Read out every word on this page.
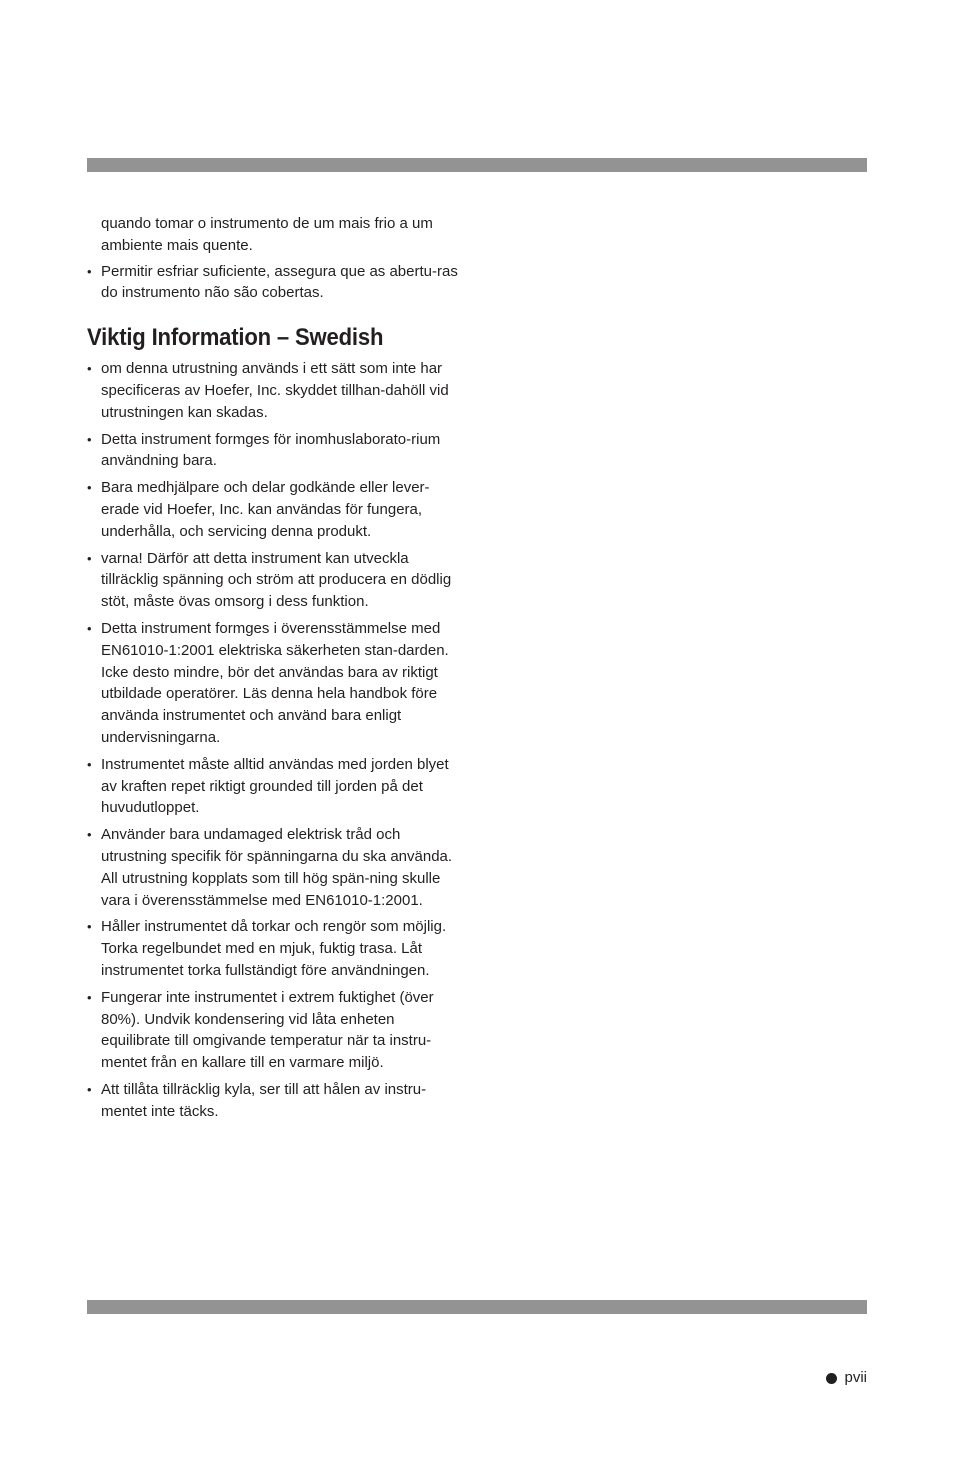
quando tomar o instrumento de um mais frio a um ambiente mais quente.

• Permitir esfriar suficiente, assegura que as abertu-ras do instrumento não são cobertas.
Viktig Information – Swedish
• om denna utrustning används i ett sätt som inte har specificeras av Hoefer, Inc. skyddet tillhan-dahöll vid utrustningen kan skadas.
• Detta instrument formges för inomhuslaborato-rium användning bara.
• Bara medhjälpare och delar godkände eller lever-erade vid Hoefer, Inc. kan användas för fungera, underhålla, och servicing denna produkt.
• varna! Därför att detta instrument kan utveckla tillräcklig spänning och ström att producera en dödlig stöt, måste övas omsorg i dess funktion.
• Detta instrument formges i överensstämmelse med EN61010-1:2001 elektriska säkerheten stan-darden. Icke desto mindre, bör det användas bara av riktigt utbildade operatörer. Läs denna hela handbok före använda instrumentet och använd bara enligt undervisningarna.
• Instrumentet måste alltid användas med jorden blyet av kraften repet riktigt grounded till jorden på det huvudutloppet.
• Använder bara undamaged elektrisk tråd och utrustning specifik för spänningarna du ska använda. All utrustning kopplats som till hög spän-ning skulle vara i överensstämmelse med EN61010-1:2001.
• Håller instrumentet då torkar och rengör som möjlig. Torka regelbundet med en mjuk, fuktig trasa. Låt instrumentet torka fullständigt före användningen.
• Fungerar inte instrumentet i extrem fuktighet (över 80%). Undvik kondensering vid låta enheten equilibrate till omgivande temperatur när ta instru-mentet från en kallare till en varmare miljö.
• Att tillåta tillräcklig kyla, ser till att hålen av instru-mentet inte täcks.
pvii
